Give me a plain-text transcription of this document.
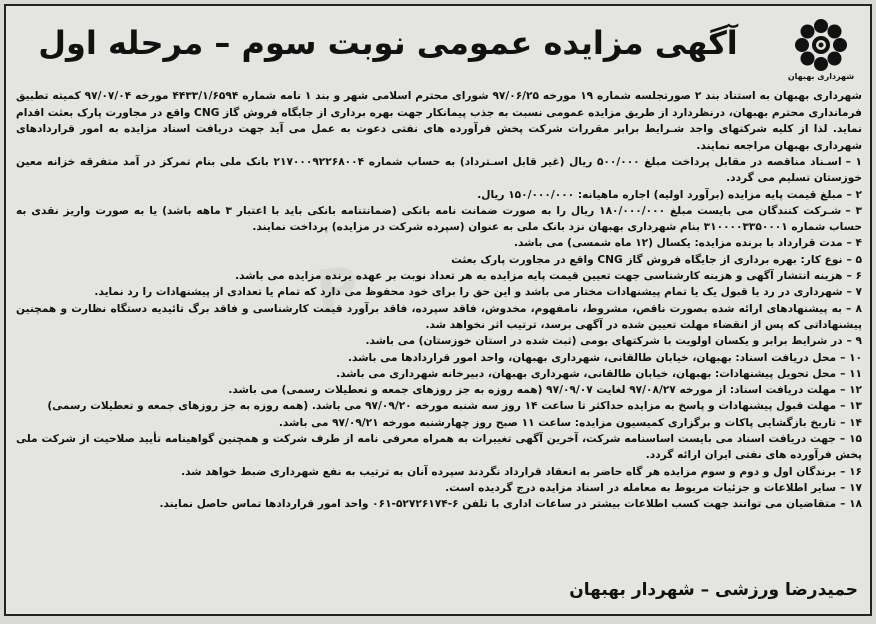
P
شهرداری بهبهان
آگهی مزایده عمومی نوبت سوم – مرحله اول
شهرداری بهبهان به استناد بند ۲ صورتجلسه شماره ۱۹ مورخه ۹۷/۰۶/۲۵ شورای محترم اسلامی شهر و بند ۱ نامه شماره ۴۴۳۳/۱/۶۵۹۴ مورخه ۹۷/۰۷/۰۴ کمیته تطبیق فرمانداری محترم بهبهان، درنظردارد از طریق مزایده عمومی نسبت به جذب پیمانکار جهت بهره برداری از جایگاه فروش گاز CNG واقع در مجاورت پارک بعثت اقدام نماید. لذا از کلیه شرکتهای واجد شـرایط برابر مقررات شرکت پخش فرآورده های نفتی دعوت به عمل می آید جهت دریافت اسناد مزایده به امور قراردادهای شهرداری بهبهان مراجعه نمایند.
۱ –اسـناد مناقصه در مقابل پرداخت مبلغ ۵۰۰/۰۰۰ ریال (غیر قابل اسـترداد) به حساب شماره ۲۱۷۰۰۰۹۲۲۶۸۰۰۴ بانک ملی بنام تمرکز در آمد متفرقه خزانه معین خوزستان تسلیم می گردد.
۲ –مبلغ قیمت پایه مزایده (برآورد اولیه) اجاره ماهیانه: ۱۵۰/۰۰۰/۰۰۰ ریال.
۳ –شـرکت کنندگان می بایست مبلغ ۱۸۰/۰۰۰/۰۰۰ ریال را به صورت ضمانت نامه بانکی (ضمانتنامه بانکی باید با اعتبار ۳ ماهه باشد) یا به صورت واریز نقدی به حساب شماره ۳۱۰۰۰۰۳۳۵۰۰۰۱ بنام شهرداری بهبهان نزد بانک ملی به عنوان (سپرده شرکت در مزایده) پرداخت نمایند.
۴ –مدت قرارداد با برنده مزایده: یکسال (۱۲ ماه شمسی) می باشد.
۵ –نوع کار: بهره برداری از جایگاه فروش گاز CNG واقع در مجاورت پارک بعثت
۶ –هزینه انتشار آگهی و هزینه کارشناسی جهت تعیین قیمت پایه مزایده به هر تعداد نوبت بر عهده برنده مزایده می باشد.
۷ –شهرداری در رد یا قبول یک یا تمام پیشنهادات مختار می باشد و این حق را برای خود محفوظ می دارد که تمام یا تعدادی از پیشنهادات را رد نماید.
۸ –به پیشنهادهای ارائه شده بصورت ناقص، مشروط، نامفهوم، مخدوش، فاقد سپرده، فاقد برآورد قیمت کارشناسی و فاقد برگ تائیدیه دستگاه نظارت و همچنین پیشنهاداتی که پس از انقضاء مهلت تعیین شده در آگهی برسد، ترتیب اثر نخواهد شد.
۹ –در شرایط برابر و یکسان اولویت با شرکتهای بومی (ثبت شده در استان خوزستان) می باشد.
۱۰ –محل دریافت اسناد: بهبهان، خیابان طالقانی، شهرداری بهبهان، واحد امور قراردادها می باشد.
۱۱ –محل تحویل پیشنهادات: بهبهان، خیابان طالقانی، شهرداری بهبهان، دبیرخانه شهرداری می باشد.
۱۲ –مهلت دریافت اسناد: از مورخه ۹۷/۰۸/۲۷ لغایت ۹۷/۰۹/۰۷ (همه روزه به جز روزهای جمعه و تعطیلات رسمی) می باشد.
۱۳ –مهلت قبول پیشنهادات و پاسخ به مزایده حداکثر تا ساعت ۱۴ روز سه شنبه مورخه ۹۷/۰۹/۲۰ می باشد. (همه روزه به جز روزهای جمعه و تعطیلات رسمی)
۱۴ –تاریخ بازگشایی پاکات و برگزاری کمیسیون مزایده: ساعت ۱۱ صبح روز چهارشنبه مورخه ۹۷/۰۹/۲۱ می باشد.
۱۵ –جهت دریافت اسناد می بایست اساسنامه شرکت، آخرین آگهی تغییرات به همراه معرفی نامه از طرف شرکت و همچنین گواهینامه تأیید صلاحیت از شرکت ملی پخش فرآورده های نفتی ایران ارائه گردد.
۱۶ –برندگان اول و دوم و سوم مزایده هر گاه حاضر به انعقاد قرارداد نگردند سپرده آنان به ترتیب به نفع شهرداری ضبط خواهد شد.
۱۷ –سایر اطلاعات و جزئیات مربوط به معامله در اسناد مزایده درج گردیده است.
۱۸ –متقاضیان می توانند جهت کسب اطلاعات بیشتر در ساعات اداری با تلفن ۶-۵۲۷۲۶۱۷۴-۰۶۱ واحد امور قراردادها تماس حاصل نمایند.
حمیدرضا ورزشی – شهردار بهبهان
